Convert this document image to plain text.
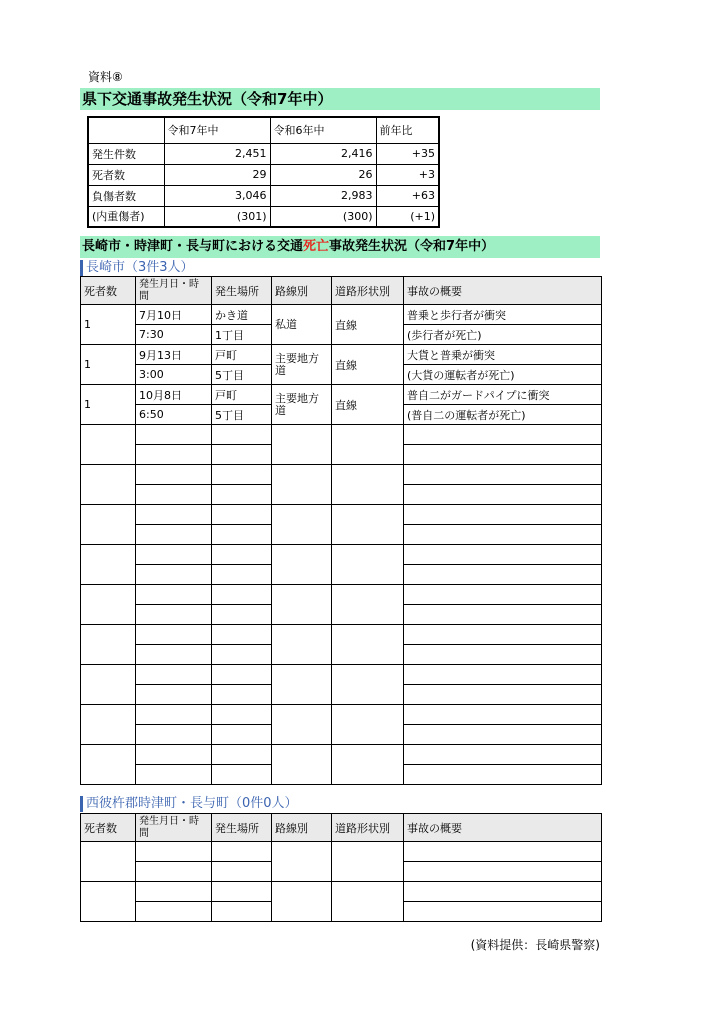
資料⑧
県下交通事故発生状況（令和7年中）
	令和7年中	令和6年中	前年比
発生件数	2,451	2,416	+35
死者数	29	26	+3
負傷者数	3,046	2,983	+63
(内重傷者)	(301)	(300)	(+1)
長崎市・時津町・長与町における交通死亡事故発生状況（令和7年中）
長崎市（3件3人）
死者数	発生月日・時間	発生場所	路線別	道路形状別	事故の概要
1	7月10日	かき道	私道	直線	普乗と歩行者が衝突
	7:30	1丁目			(歩行者が死亡)
1	9月13日	戸町	主要地方道	直線	大貨と普乗が衝突
	3:00	5丁目			(大貨の運転者が死亡)
1	10月8日	戸町	主要地方道	直線	普自二がガードパイプに衝突
	6:50	5丁目			(普自二の運転者が死亡)

西彼杵郡時津町・長与町（0件0人）
死者数	発生月日・時間	発生場所	路線別	道路形状別	事故の概要

(資料提供：長崎県警察)
